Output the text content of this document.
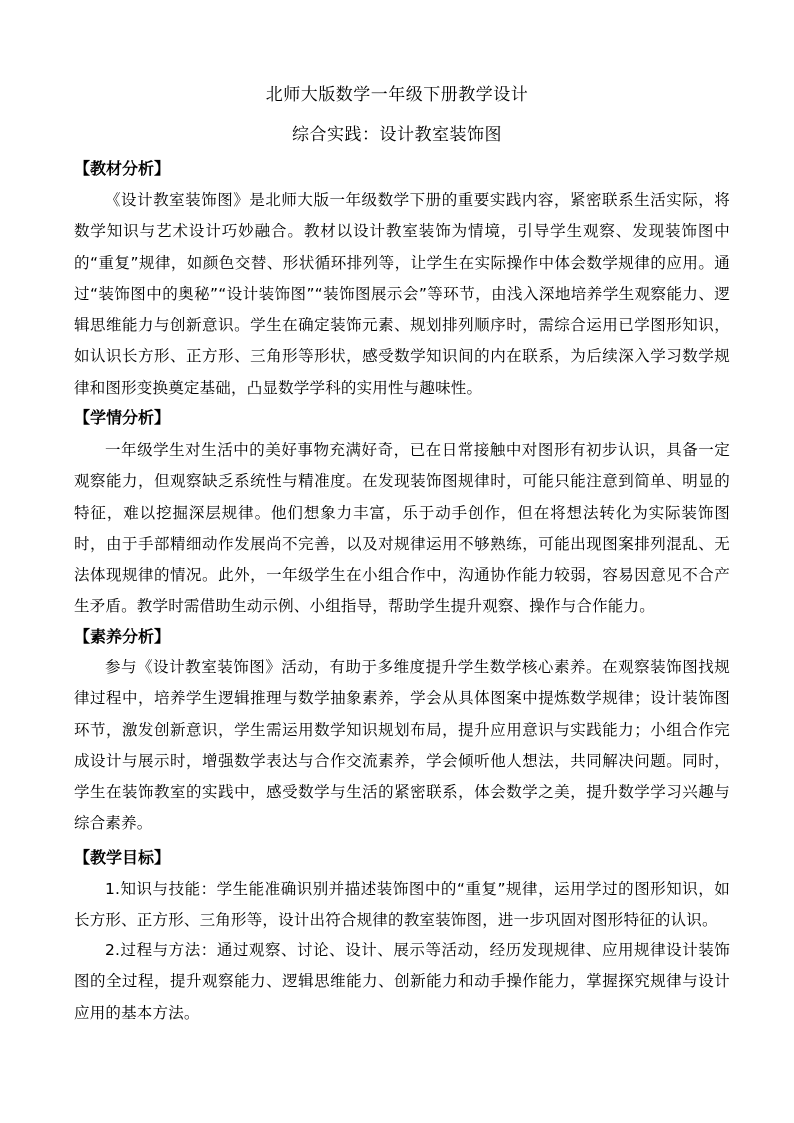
北师大版数学一年级下册教学设计
综合实践：设计教室装饰图
【教材分析】
《设计教室装饰图》是北师大版一年级数学下册的重要实践内容，紧密联系生活实际，将数学知识与艺术设计巧妙融合。教材以设计教室装饰为情境，引导学生观察、发现装饰图中的“重复”规律，如颜色交替、形状循环排列等，让学生在实际操作中体会数学规律的应用。通过“装饰图中的奥秘”“设计装饰图”“装饰图展示会”等环节，由浅入深地培养学生观察能力、逻辑思维能力与创新意识。学生在确定装饰元素、规划排列顺序时，需综合运用已学图形知识，如认识长方形、正方形、三角形等形状，感受数学知识间的内在联系，为后续深入学习数学规律和图形变换奠定基础，凸显数学学科的实用性与趣味性。
【学情分析】
一年级学生对生活中的美好事物充满好奇，已在日常接触中对图形有初步认识，具备一定观察能力，但观察缺乏系统性与精准度。在发现装饰图规律时，可能只能注意到简单、明显的特征，难以挖掘深层规律。他们想象力丰富，乐于动手创作，但在将想法转化为实际装饰图时，由于手部精细动作发展尚不完善，以及对规律运用不够熟练，可能出现图案排列混乱、无法体现规律的情况。此外，一年级学生在小组合作中，沟通协作能力较弱，容易因意见不合产生矛盾。教学时需借助生动示例、小组指导，帮助学生提升观察、操作与合作能力。
【素养分析】
参与《设计教室装饰图》活动，有助于多维度提升学生数学核心素养。在观察装饰图找规律过程中，培养学生逻辑推理与数学抽象素养，学会从具体图案中提炼数学规律；设计装饰图环节，激发创新意识，学生需运用数学知识规划布局，提升应用意识与实践能力；小组合作完成设计与展示时，增强数学表达与合作交流素养，学会倾听他人想法，共同解决问题。同时，学生在装饰教室的实践中，感受数学与生活的紧密联系，体会数学之美，提升数学学习兴趣与综合素养。
【教学目标】
1.知识与技能：学生能准确识别并描述装饰图中的“重复”规律，运用学过的图形知识，如长方形、正方形、三角形等，设计出符合规律的教室装饰图，进一步巩固对图形特征的认识。
2.过程与方法：通过观察、讨论、设计、展示等活动，经历发现规律、应用规律设计装饰图的全过程，提升观察能力、逻辑思维能力、创新能力和动手操作能力，掌握探究规律与设计应用的基本方法。
